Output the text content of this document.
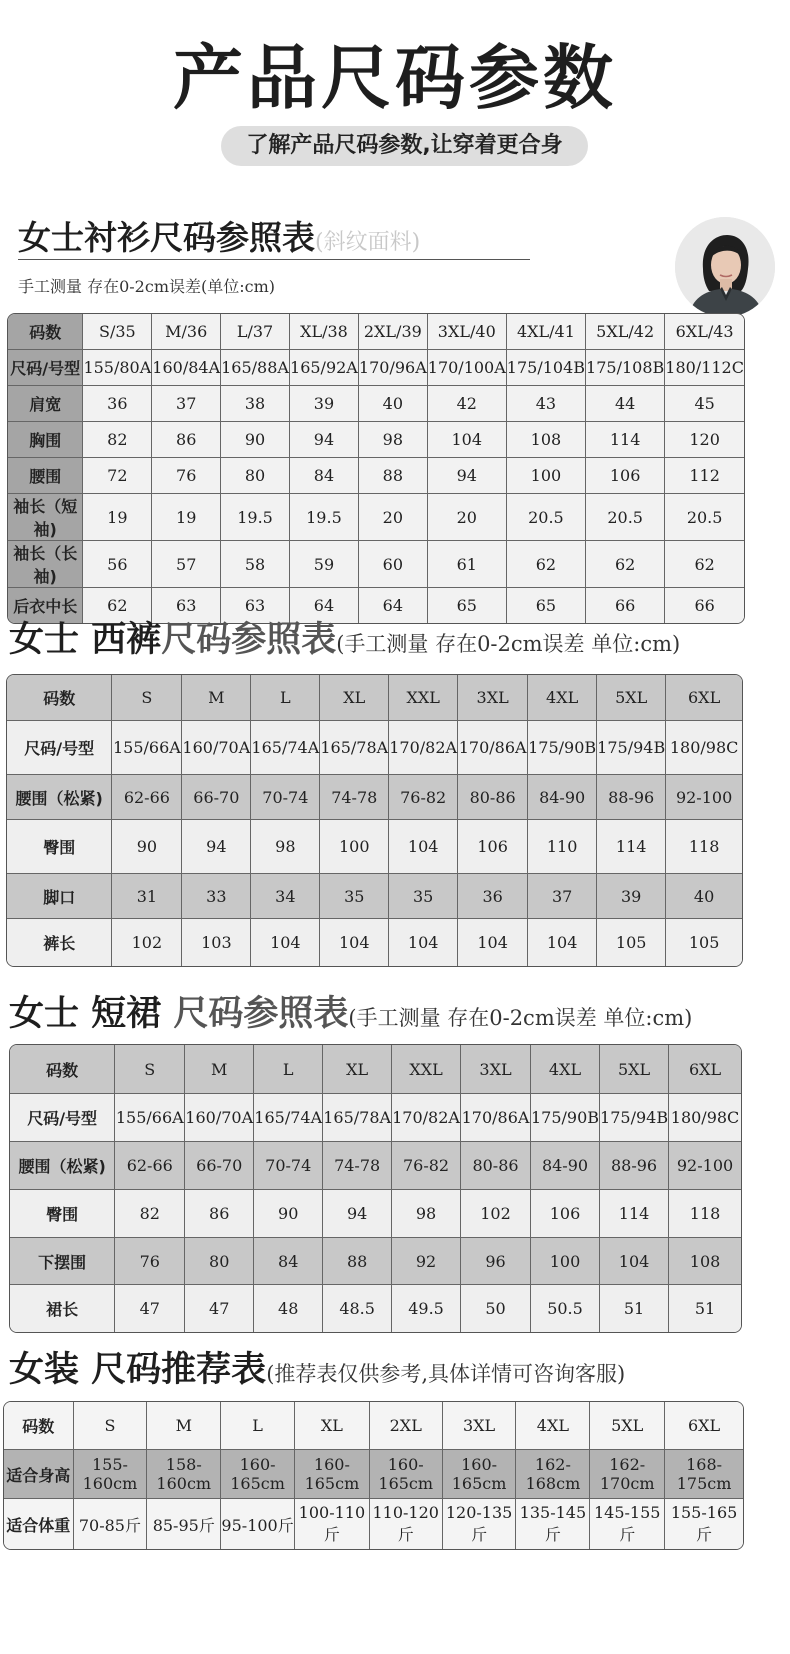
产品尺码参数
了解产品尺码参数,让穿着更合身
女士衬衫尺码参照表(斜纹面料)
手工测量 存在0-2cm误差(单位:cm)
码数	S/35	M/36	L/37	XL/38	2XL/39	3XL/40	4XL/41	5XL/42	6XL/43
尺码/号型	155/80A	160/84A	165/88A	165/92A	170/96A	170/100A	175/104B	175/108B	180/112C
肩宽	36	37	38	39	40	42	43	44	45
胸围	82	86	90	94	98	104	108	114	120
腰围	72	76	80	84	88	94	100	106	112
袖长（短袖)	19	19	19.5	19.5	20	20	20.5	20.5	20.5
袖长（长袖)	56	57	58	59	60	61	62	62	62
后衣中长	62	63	63	64	64	65	65	66	66
女士 西裤尺码参照表(手工测量 存在0-2cm误差 单位:cm)
码数	S	M	L	XL	XXL	3XL	4XL	5XL	6XL
尺码/号型	155/66A	160/70A	165/74A	165/78A	170/82A	170/86A	175/90B	175/94B	180/98C
腰围（松紧)	62-66	66-70	70-74	74-78	76-82	80-86	84-90	88-96	92-100
臀围	90	94	98	100	104	106	110	114	118
脚口	31	33	34	35	35	36	37	39	40
裤长	102	103	104	104	104	104	104	105	105
女士 短裙 尺码参照表(手工测量 存在0-2cm误差 单位:cm)
码数	S	M	L	XL	XXL	3XL	4XL	5XL	6XL
尺码/号型	155/66A	160/70A	165/74A	165/78A	170/82A	170/86A	175/90B	175/94B	180/98C
腰围（松紧)	62-66	66-70	70-74	74-78	76-82	80-86	84-90	88-96	92-100
臀围	82	86	90	94	98	102	106	114	118
下摆围	76	80	84	88	92	96	100	104	108
裙长	47	47	48	48.5	49.5	50	50.5	51	51
女装 尺码推荐表(推荐表仅供参考,具体详情可咨询客服)
码数	S	M	L	XL	2XL	3XL	4XL	5XL	6XL
适合身高	155-160cm	158-160cm	160-165cm	160-165cm	160-165cm	160-165cm	162-168cm	162-170cm	168-175cm
适合体重	70-85斤	85-95斤	95-100斤	100-110斤	110-120斤	120-135斤	135-145斤	145-155斤	155-165斤
